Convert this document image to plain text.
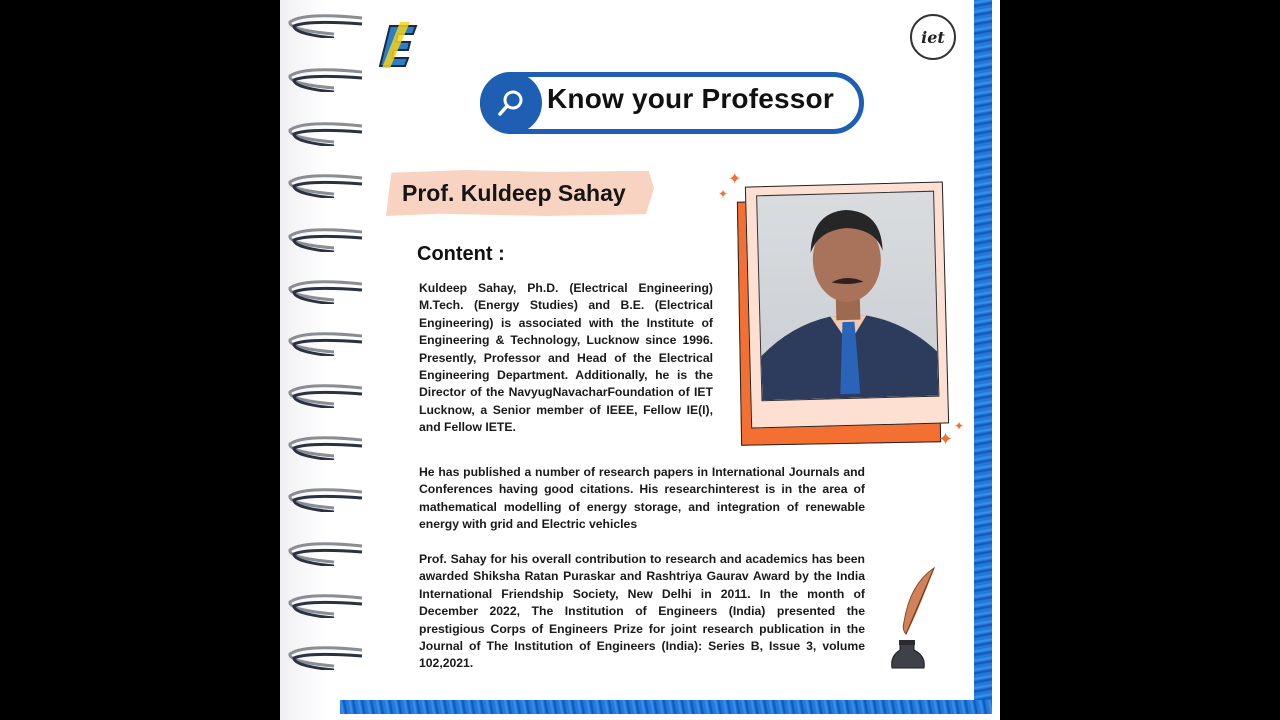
iet
Know your Professor
Prof. Kuldeep Sahay
Content :
Kuldeep Sahay, Ph.D. (Electrical Engineering) M.Tech. (Energy Studies) and B.E. (Electrical Engineering) is associated with the Institute of Engineering & Technology, Lucknow since 1996. Presently, Professor and Head of the Electrical Engineering Department. Additionally, he is the Director of the NavyugNavacharFoundation of IET Lucknow, a Senior member of IEEE, Fellow IE(I), and Fellow IETE.
He has published a number of research papers in International Journals and Conferences having good citations. His researchinterest is in the area of mathematical modelling of energy storage, and integration of renewable energy with grid and Electric vehicles
Prof. Sahay for his overall contribution to research and academics has been awarded Shiksha Ratan Puraskar and Rashtriya Gaurav Award by the India International Friendship Society, New Delhi in 2011. In the month of December 2022, The Institution of Engineers (India) presented the prestigious Corps of Engineers Prize for joint research publication in the Journal of The Institution of Engineers (India): Series B, Issue 3, volume 102,2021.
✦
✦
✦
✦
